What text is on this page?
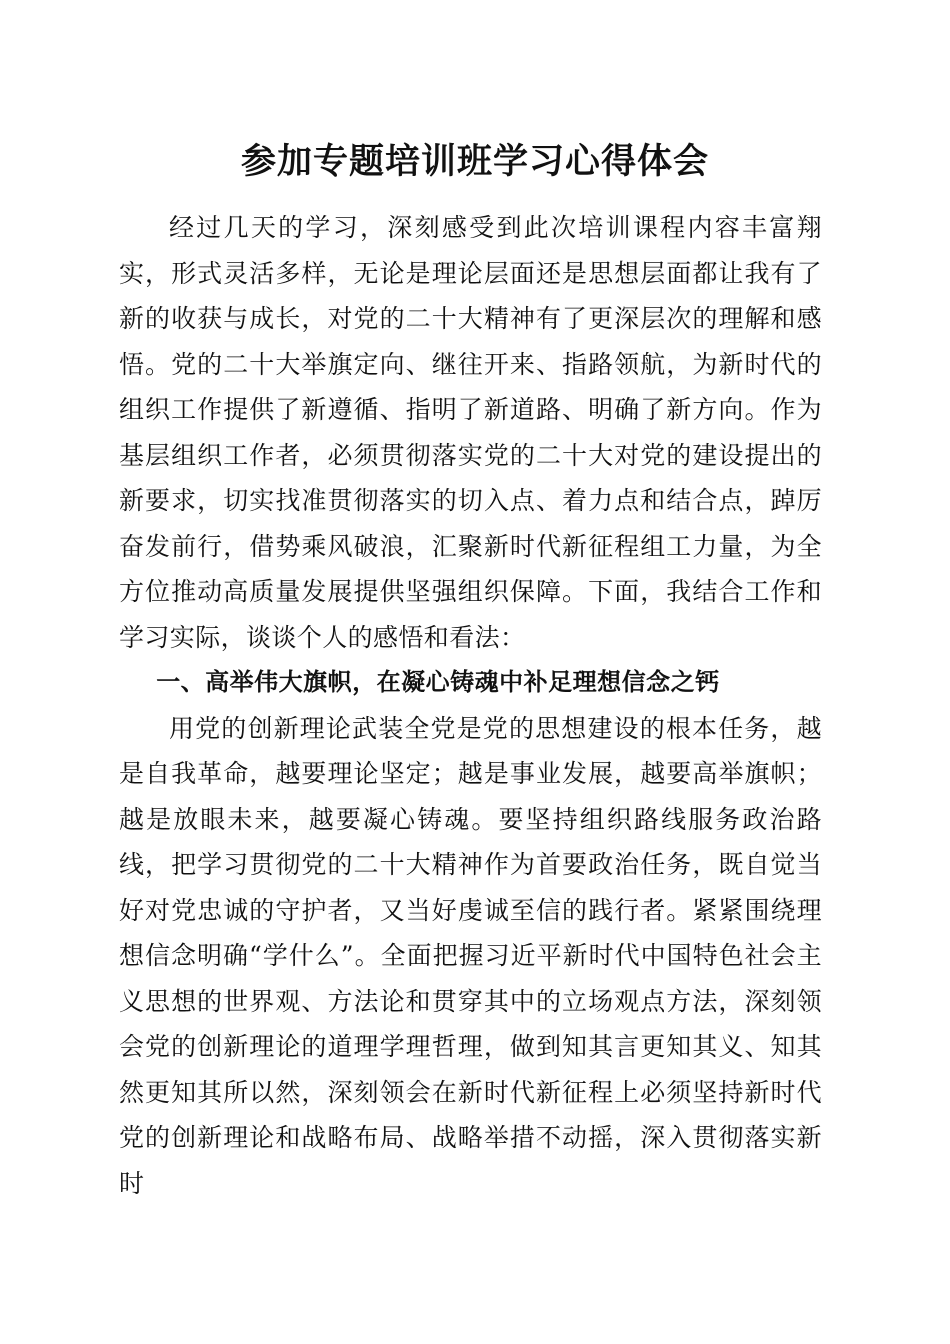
参加专题培训班学习心得体会

经过几天的学习，深刻感受到此次培训课程内容丰富翔实，形式灵活多样，无论是理论层面还是思想层面都让我有了新的收获与成长，对党的二十大精神有了更深层次的理解和感悟。党的二十大举旗定向、继往开来、指路领航，为新时代的组织工作提供了新遵循、指明了新道路、明确了新方向。作为基层组织工作者，必须贯彻落实党的二十大对党的建设提出的新要求，切实找准贯彻落实的切入点、着力点和结合点，踔厉奋发前行，借势乘风破浪，汇聚新时代新征程组工力量，为全方位推动高质量发展提供坚强组织保障。下面，我结合工作和学习实际，谈谈个人的感悟和看法：

一、高举伟大旗帜，在凝心铸魂中补足理想信念之钙

用党的创新理论武装全党是党的思想建设的根本任务，越是自我革命，越要理论坚定；越是事业发展，越要高举旗帜；越是放眼未来，越要凝心铸魂。要坚持组织路线服务政治路线，把学习贯彻党的二十大精神作为首要政治任务，既自觉当好对党忠诚的守护者，又当好虔诚至信的践行者。紧紧围绕理想信念明确“学什么”。全面把握习近平新时代中国特色社会主义思想的世界观、方法论和贯穿其中的立场观点方法，深刻领会党的创新理论的道理学理哲理，做到知其言更知其义、知其然更知其所以然，深刻领会在新时代新征程上必须坚持新时代党的创新理论和战略布局、战略举措不动摇，深入贯彻落实新时
